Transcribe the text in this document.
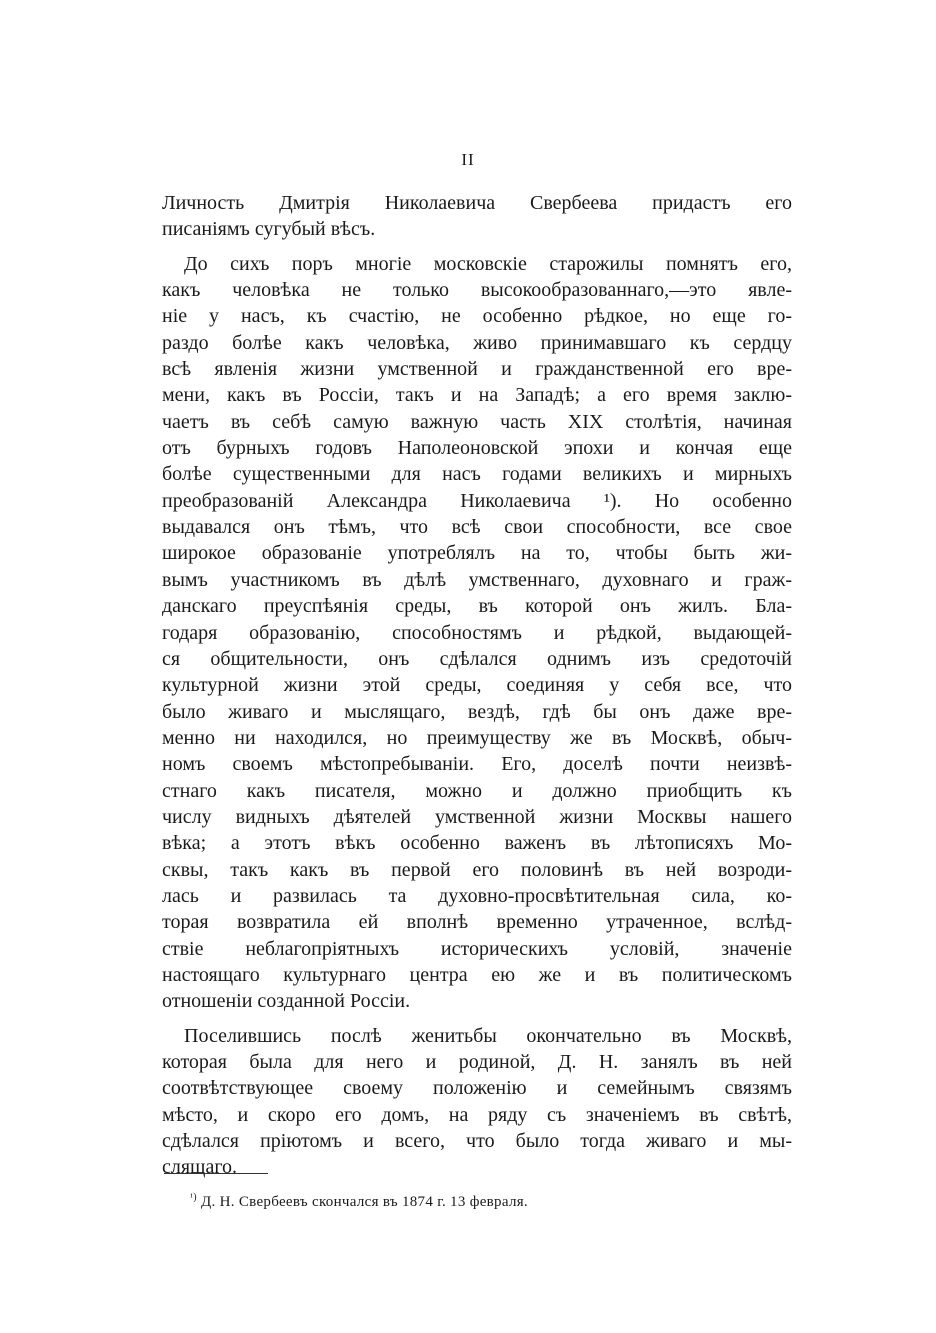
II
Личность Дмитрія Николаевича Свербеева придастъ его
писаніямъ сугубый вѣсъ.
До сихъ поръ многіе московскіе старожилы помнятъ его,
какъ человѣка не только высокообразованнаго,—это явле-
ніе у насъ, къ счастію, не особенно рѣдкое, но еще го-
раздо болѣе какъ человѣка, живо принимавшаго къ сердцу
всѣ явленія жизни умственной и гражданственной его вре-
мени, какъ въ Россіи, такъ и на Западѣ; а его время заклю-
чаетъ въ себѣ самую важную часть XIX столѣтія, начиная
отъ бурныхъ годовъ Наполеоновской эпохи и кончая еще
болѣе существенными для насъ годами великихъ и мирныхъ
преобразованій Александра Николаевича ¹). Но особенно
выдавался онъ тѣмъ, что всѣ свои способности, все свое
широкое образованіе употреблялъ на то, чтобы быть жи-
вымъ участникомъ въ дѣлѣ умственнаго, духовнаго и граж-
данскаго преуспѣянія среды, въ которой онъ жилъ. Бла-
годаря образованію, способностямъ и рѣдкой, выдающей-
ся общительности, онъ сдѣлался однимъ изъ средоточій
культурной жизни этой среды, соединяя у себя все, что
было живаго и мыслящаго, вездѣ, гдѣ бы онъ даже вре-
менно ни находился, но преимуществу же въ Москвѣ, обыч-
номъ своемъ мѣстопребываніи. Его, доселѣ почти неизвѣ-
стнаго какъ писателя, можно и должно приобщить къ
числу видныхъ дѣятелей умственной жизни Москвы нашего
вѣка; а этотъ вѣкъ особенно важенъ въ лѣтописяхъ Мо-
сквы, такъ какъ въ первой его половинѣ въ ней возроди-
лась и развилась та духовно-просвѣтительная сила, ко-
торая возвратила ей вполнѣ временно утраченное, вслѣд-
ствіе неблагопріятныхъ историческихъ условій, значеніе
настоящаго культурнаго центра ею же и въ политическомъ
отношеніи созданной Россіи.
Поселившись послѣ женитьбы окончательно въ Москвѣ,
которая была для него и родиной, Д. Н. занялъ въ ней
соотвѣтствующее своему положенію и семейнымъ связямъ
мѣсто, и скоро его домъ, на ряду съ значеніемъ въ свѣтѣ,
сдѣлался пріютомъ и всего, что было тогда живаго и мы-
слящаго.
$^{^1)}$ Д. Н. Свербеевъ скончался въ 1874 г. 13 февраля.
